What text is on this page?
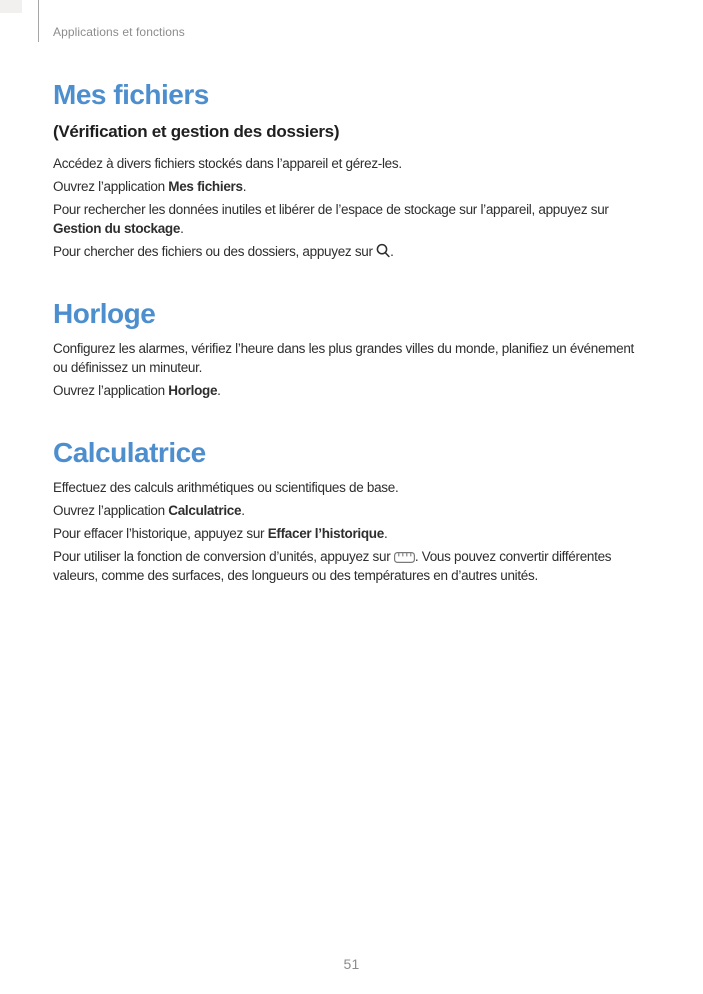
Applications et fonctions
Mes fichiers
(Vérification et gestion des dossiers)

Accédez à divers fichiers stockés dans l’appareil et gérez-les.

Ouvrez l’application Mes fichiers.

Pour rechercher les données inutiles et libérer de l’espace de stockage sur l’appareil, appuyez sur Gestion du stockage.

Pour chercher des fichiers ou des dossiers, appuyez sur .

Horloge

Configurez les alarmes, vérifiez l’heure dans les plus grandes villes du monde, planifiez un événement ou définissez un minuteur.

Ouvrez l’application Horloge.

Calculatrice

Effectuez des calculs arithmétiques ou scientifiques de base.

Ouvrez l’application Calculatrice.

Pour effacer l’historique, appuyez sur Effacer l’historique.

Pour utiliser la fonction de conversion d’unités, appuyez sur . Vous pouvez convertir différentes valeurs, comme des surfaces, des longueurs ou des températures en d’autres unités.

51
